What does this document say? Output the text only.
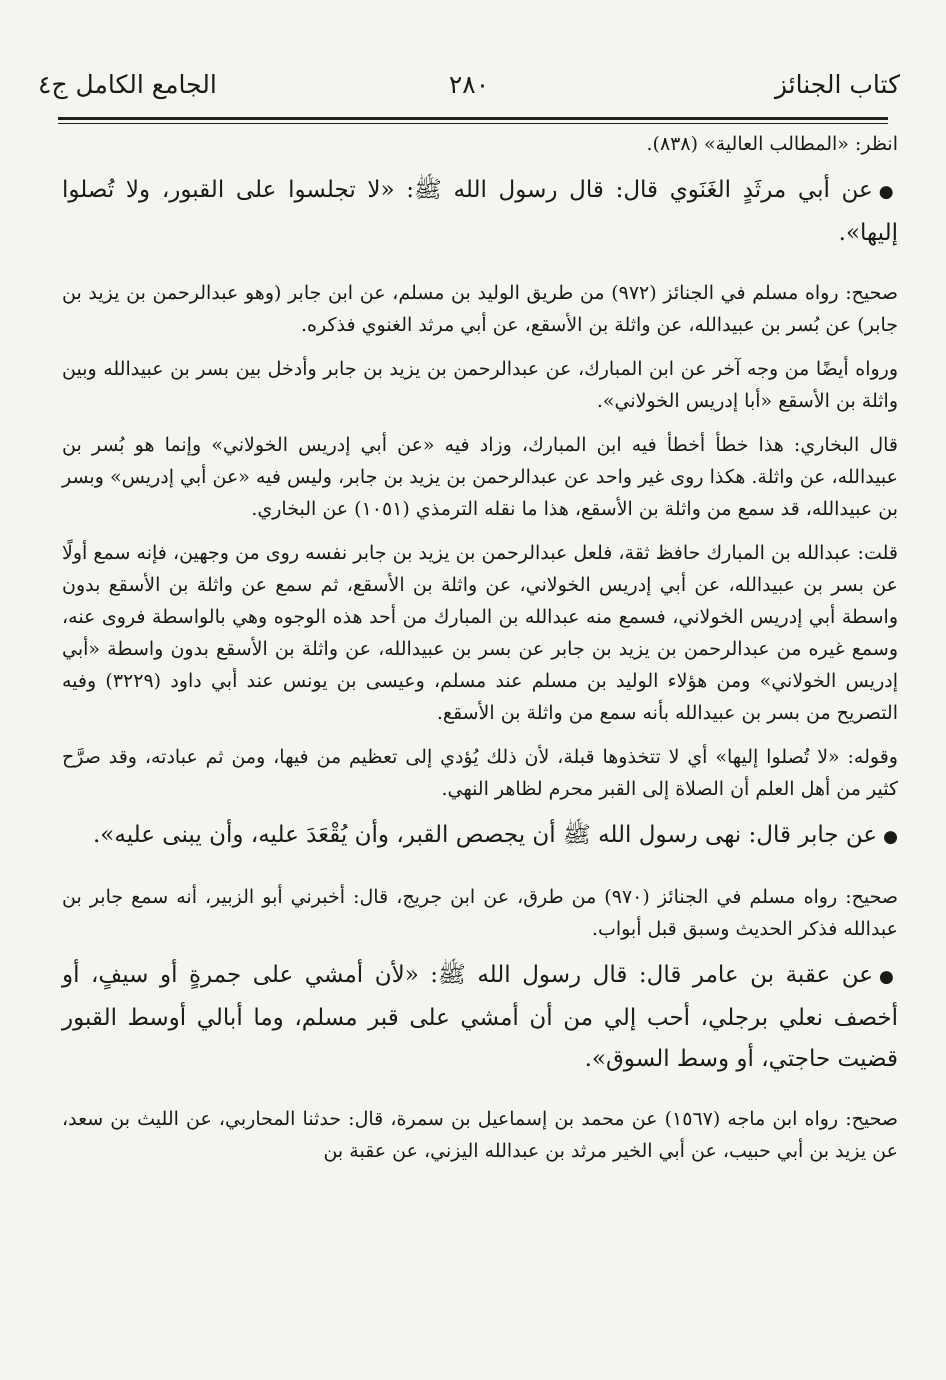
كتاب الجنائز
٢٨٠
الجامع الكامل ج٤

انظر: «المطالب العالية» (٨٣٨).

●عن أبي مرثَدٍ الغَنَوي قال: قال رسول الله ﷺ: «لا تجلسوا على القبور، ولا تُصلوا إليها».

صحيح: رواه مسلم في الجنائز (٩٧٢) من طريق الوليد بن مسلم، عن ابن جابر (وهو عبدالرحمن بن يزيد بن جابر) عن بُسر بن عبيدالله، عن واثلة بن الأسقع، عن أبي مرثد الغنوي فذكره.

ورواه أيضًا من وجه آخر عن ابن المبارك، عن عبدالرحمن بن يزيد بن جابر وأدخل بين بسر بن عبيدالله وبين واثلة بن الأسقع «أبا إدريس الخولاني».

قال البخاري: هذا خطأ أخطأ فيه ابن المبارك، وزاد فيه «عن أبي إدريس الخولاني» وإنما هو بُسر بن عبيدالله، عن واثلة. هكذا روى غير واحد عن عبدالرحمن بن يزيد بن جابر، وليس فيه «عن أبي إدريس» وبسر بن عبيدالله، قد سمع من واثلة بن الأسقع، هذا ما نقله الترمذي (١٠٥١) عن البخاري.

قلت: عبدالله بن المبارك حافظ ثقة، فلعل عبدالرحمن بن يزيد بن جابر نفسه روى من وجهين، فإنه سمع أولًا عن بسر بن عبيدالله، عن أبي إدريس الخولاني، عن واثلة بن الأسقع، ثم سمع عن واثلة بن الأسقع بدون واسطة أبي إدريس الخولاني، فسمع منه عبدالله بن المبارك من أحد هذه الوجوه وهي بالواسطة فروى عنه، وسمع غيره من عبدالرحمن بن يزيد بن جابر عن بسر بن عبيدالله، عن واثلة بن الأسقع بدون واسطة «أبي إدريس الخولاني» ومن هؤلاء الوليد بن مسلم عند مسلم، وعيسى بن يونس عند أبي داود (٣٢٢٩) وفيه التصريح من بسر بن عبيدالله بأنه سمع من واثلة بن الأسقع.

وقوله: «لا تُصلوا إليها» أي لا تتخذوها قبلة، لأن ذلك يُؤدي إلى تعظيم من فيها، ومن ثم عبادته، وقد صرَّح كثير من أهل العلم أن الصلاة إلى القبر محرم لظاهر النهي.

●عن جابر قال: نهى رسول الله ﷺ أن يجصص القبر، وأن يُقْعَدَ عليه، وأن يبنى عليه».

صحيح: رواه مسلم في الجنائز (٩٧٠) من طرق، عن ابن جريج، قال: أخبرني أبو الزبير، أنه سمع جابر بن عبدالله فذكر الحديث وسبق قبل أبواب.

●عن عقبة بن عامر قال: قال رسول الله ﷺ: «لأن أمشي على جمرةٍ أو سيفٍ، أو أخصف نعلي برجلي، أحب إلي من أن أمشي على قبر مسلم، وما أبالي أوسط القبور قضيت حاجتي، أو وسط السوق».

صحيح: رواه ابن ماجه (١٥٦٧) عن محمد بن إسماعيل بن سمرة، قال: حدثنا المحاربي، عن الليث بن سعد، عن يزيد بن أبي حبيب، عن أبي الخير مرثد بن عبدالله اليزني، عن عقبة بن
